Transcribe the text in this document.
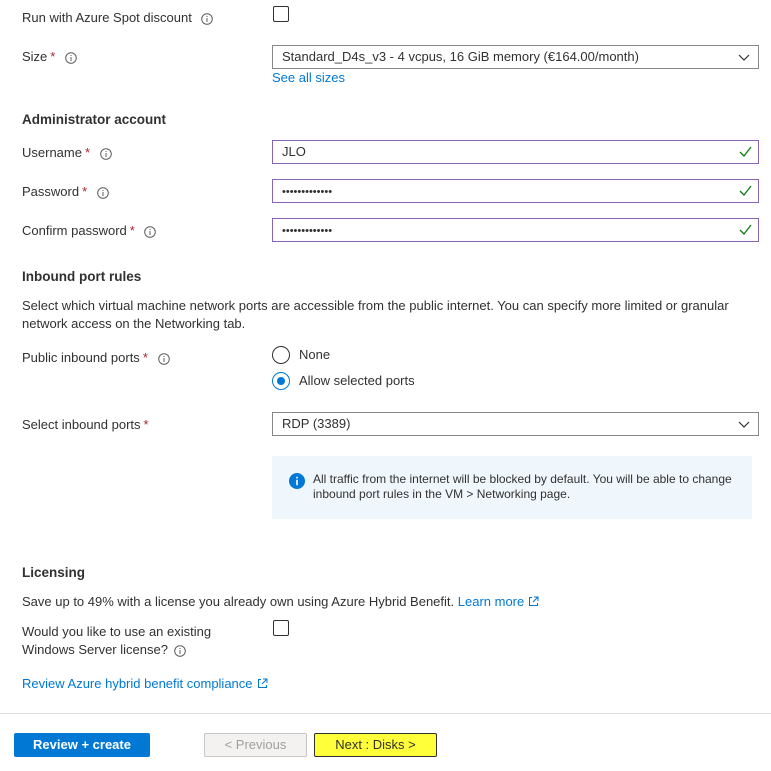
Run with Azure Spot discount
Size *	Standard_D4s_v3 - 4 vcpus, 16 GiB memory (€164.00/month)
See all sizes
Administrator account
Username *	JLO
Password *	•••••••••••••
Confirm password *	•••••••••••••
Inbound port rules
Select which virtual machine network ports are accessible from the public internet. You can specify more limited or granular network access on the Networking tab.
Public inbound ports *	None
Allow selected ports
Select inbound ports *	RDP (3389)
All traffic from the internet will be blocked by default. You will be able to change inbound port rules in the VM > Networking page.
Licensing
Save up to 49% with a license you already own using Azure Hybrid Benefit. Learn more
Would you like to use an existing
Windows Server license?
Review Azure hybrid benefit compliance
Review + create	< Previous	Next : Disks >
